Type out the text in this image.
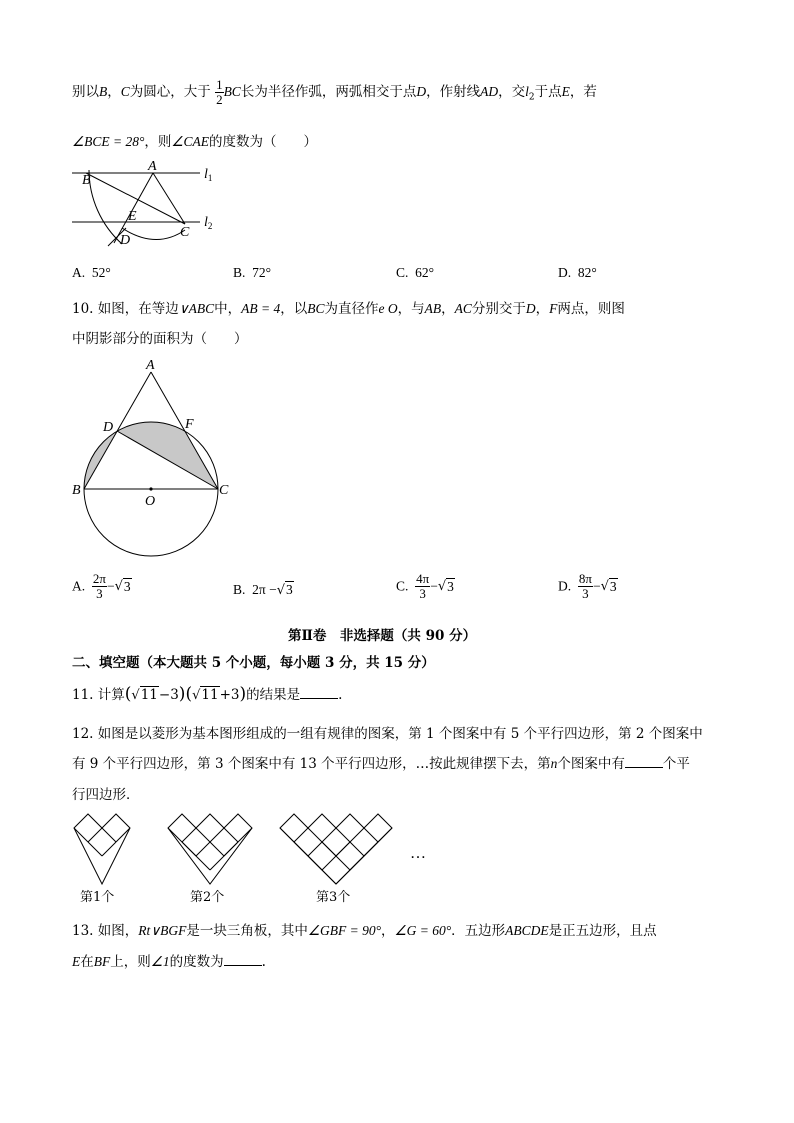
别以B，C为圆心，大于 $\frac{1}{2}$ BC长为半径作弧，两弧相交于点D，作射线AD，交$l_2$于点E，若
∠BCE = 28°，则∠CAE的度数为（　　）
A
B
C
E
D
$l_1$
$l_2$
A. 52°	B. 72°	C. 62°	D. 82°
10. 如图，在等边∨ABC中，AB = 4，以BC为直径作e O，与AB，AC分别交于D，F两点，则图
中阴影部分的面积为（　　）
A
D	F
B	C
O
A. $\frac{2\pi}{3} -√3$	B. 2π −√3	C. $\frac{4\pi}{3} -√3$	D. $\frac{8\pi}{3} -√3$
第Ⅱ卷　非选择题（共 90 分）
二、填空题（本大题共 5 个小题，每小题 3 分，共 15 分）
11. 计算(√11−3)(√11+3)的结果是	.
12. 如图是以菱形为基本图形组成的一组有规律的图案，第 1 个图案中有 5 个平行四边形，第 2 个图案中
有 9 个平行四边形，第 3 个图案中有 13 个平行四边形，…按此规律摆下去，第n个图案中有	个平
行四边形．
第1个	第2个	第3个
…
13. 如图，Rt∨BGF是一块三角板，其中∠GBF = 90°，∠G = 60°．五边形ABCDE是正五边形，且点
E在BF上，则∠1的度数为	.
